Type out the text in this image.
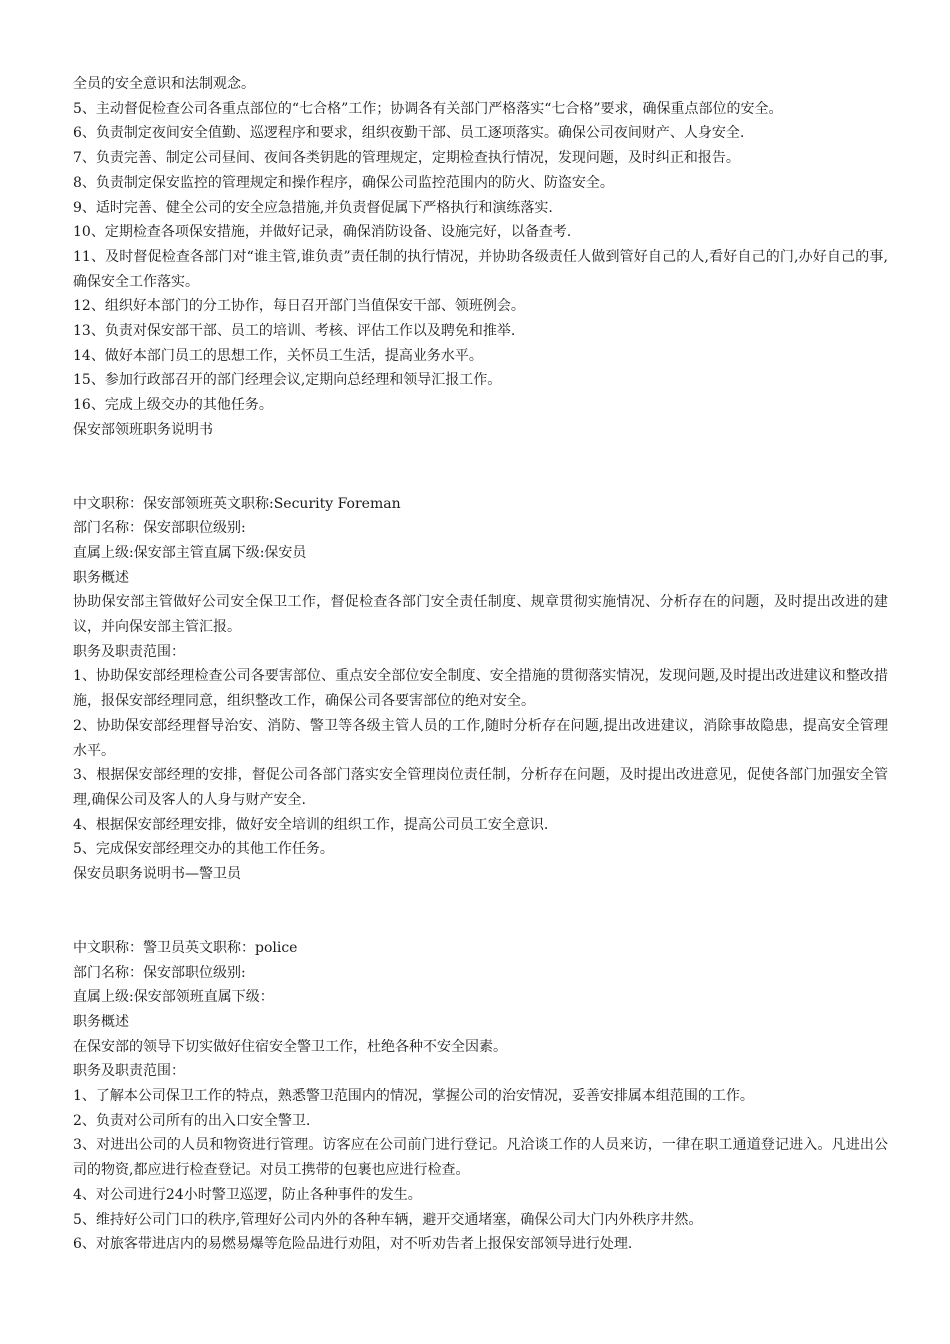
全员的安全意识和法制观念。
5、主动督促检查公司各重点部位的“七合格”工作；协调各有关部门严格落实“七合格”要求，确保重点部位的安全。
6、负责制定夜间安全值勤、巡逻程序和要求，组织夜勤干部、员工逐项落实。确保公司夜间财产、人身安全.
7、负责完善、制定公司昼间、夜间各类钥匙的管理规定，定期检查执行情况，发现问题，及时纠正和报告。
8、负责制定保安监控的管理规定和操作程序，确保公司监控范围内的防火、防盗安全。
9、适时完善、健全公司的安全应急措施,并负责督促属下严格执行和演练落实.
10、定期检查各项保安措施，并做好记录，确保消防设备、设施完好，以备查考.
11、及时督促检查各部门对“谁主管,谁负责”责任制的执行情况，并协助各级责任人做到管好自己的人,看好自己的门,办好自己的事,确保安全工作落实。
12、组织好本部门的分工协作，每日召开部门当值保安干部、领班例会。
13、负责对保安部干部、员工的培训、考核、评估工作以及聘免和推举.
14、做好本部门员工的思想工作，关怀员工生活，提高业务水平。
15、参加行政部召开的部门经理会议,定期向总经理和领导汇报工作。
16、完成上级交办的其他任务。
保安部领班职务说明书
中文职称：保安部领班英文职称:Security Foreman
部门名称：保安部职位级别:
直属上级:保安部主管直属下级:保安员
职务概述
协助保安部主管做好公司安全保卫工作，督促检查各部门安全责任制度、规章贯彻实施情况、分析存在的问题，及时提出改进的建议，并向保安部主管汇报。
职务及职责范围：
1、协助保安部经理检查公司各要害部位、重点安全部位安全制度、安全措施的贯彻落实情况，发现问题,及时提出改进建议和整改措施，报保安部经理同意，组织整改工作，确保公司各要害部位的绝对安全。
2、协助保安部经理督导治安、消防、警卫等各级主管人员的工作,随时分析存在问题,提出改进建议，消除事故隐患，提高安全管理水平。
3、根据保安部经理的安排，督促公司各部门落实安全管理岗位责任制，分析存在问题，及时提出改进意见，促使各部门加强安全管理,确保公司及客人的人身与财产安全.
4、根据保安部经理安排，做好安全培训的组织工作，提高公司员工安全意识.
5、完成保安部经理交办的其他工作任务。
保安员职务说明书—警卫员
中文职称：警卫员英文职称：police
部门名称：保安部职位级别:
直属上级:保安部领班直属下级：
职务概述
在保安部的领导下切实做好住宿安全警卫工作，杜绝各种不安全因素。
职务及职责范围：
1、了解本公司保卫工作的特点，熟悉警卫范围内的情况，掌握公司的治安情况，妥善安排属本组范围的工作。
2、负责对公司所有的出入口安全警卫.
3、对进出公司的人员和物资进行管理。访客应在公司前门进行登记。凡洽谈工作的人员来访，一律在职工通道登记进入。凡进出公司的物资,都应进行检查登记。对员工携带的包裹也应进行检查。
4、对公司进行24小时警卫巡逻，防止各种事件的发生。
5、维持好公司门口的秩序,管理好公司内外的各种车辆，避开交通堵塞，确保公司大门内外秩序井然。
6、对旅客带进店内的易燃易爆等危险品进行劝阻，对不听劝告者上报保安部领导进行处理.
